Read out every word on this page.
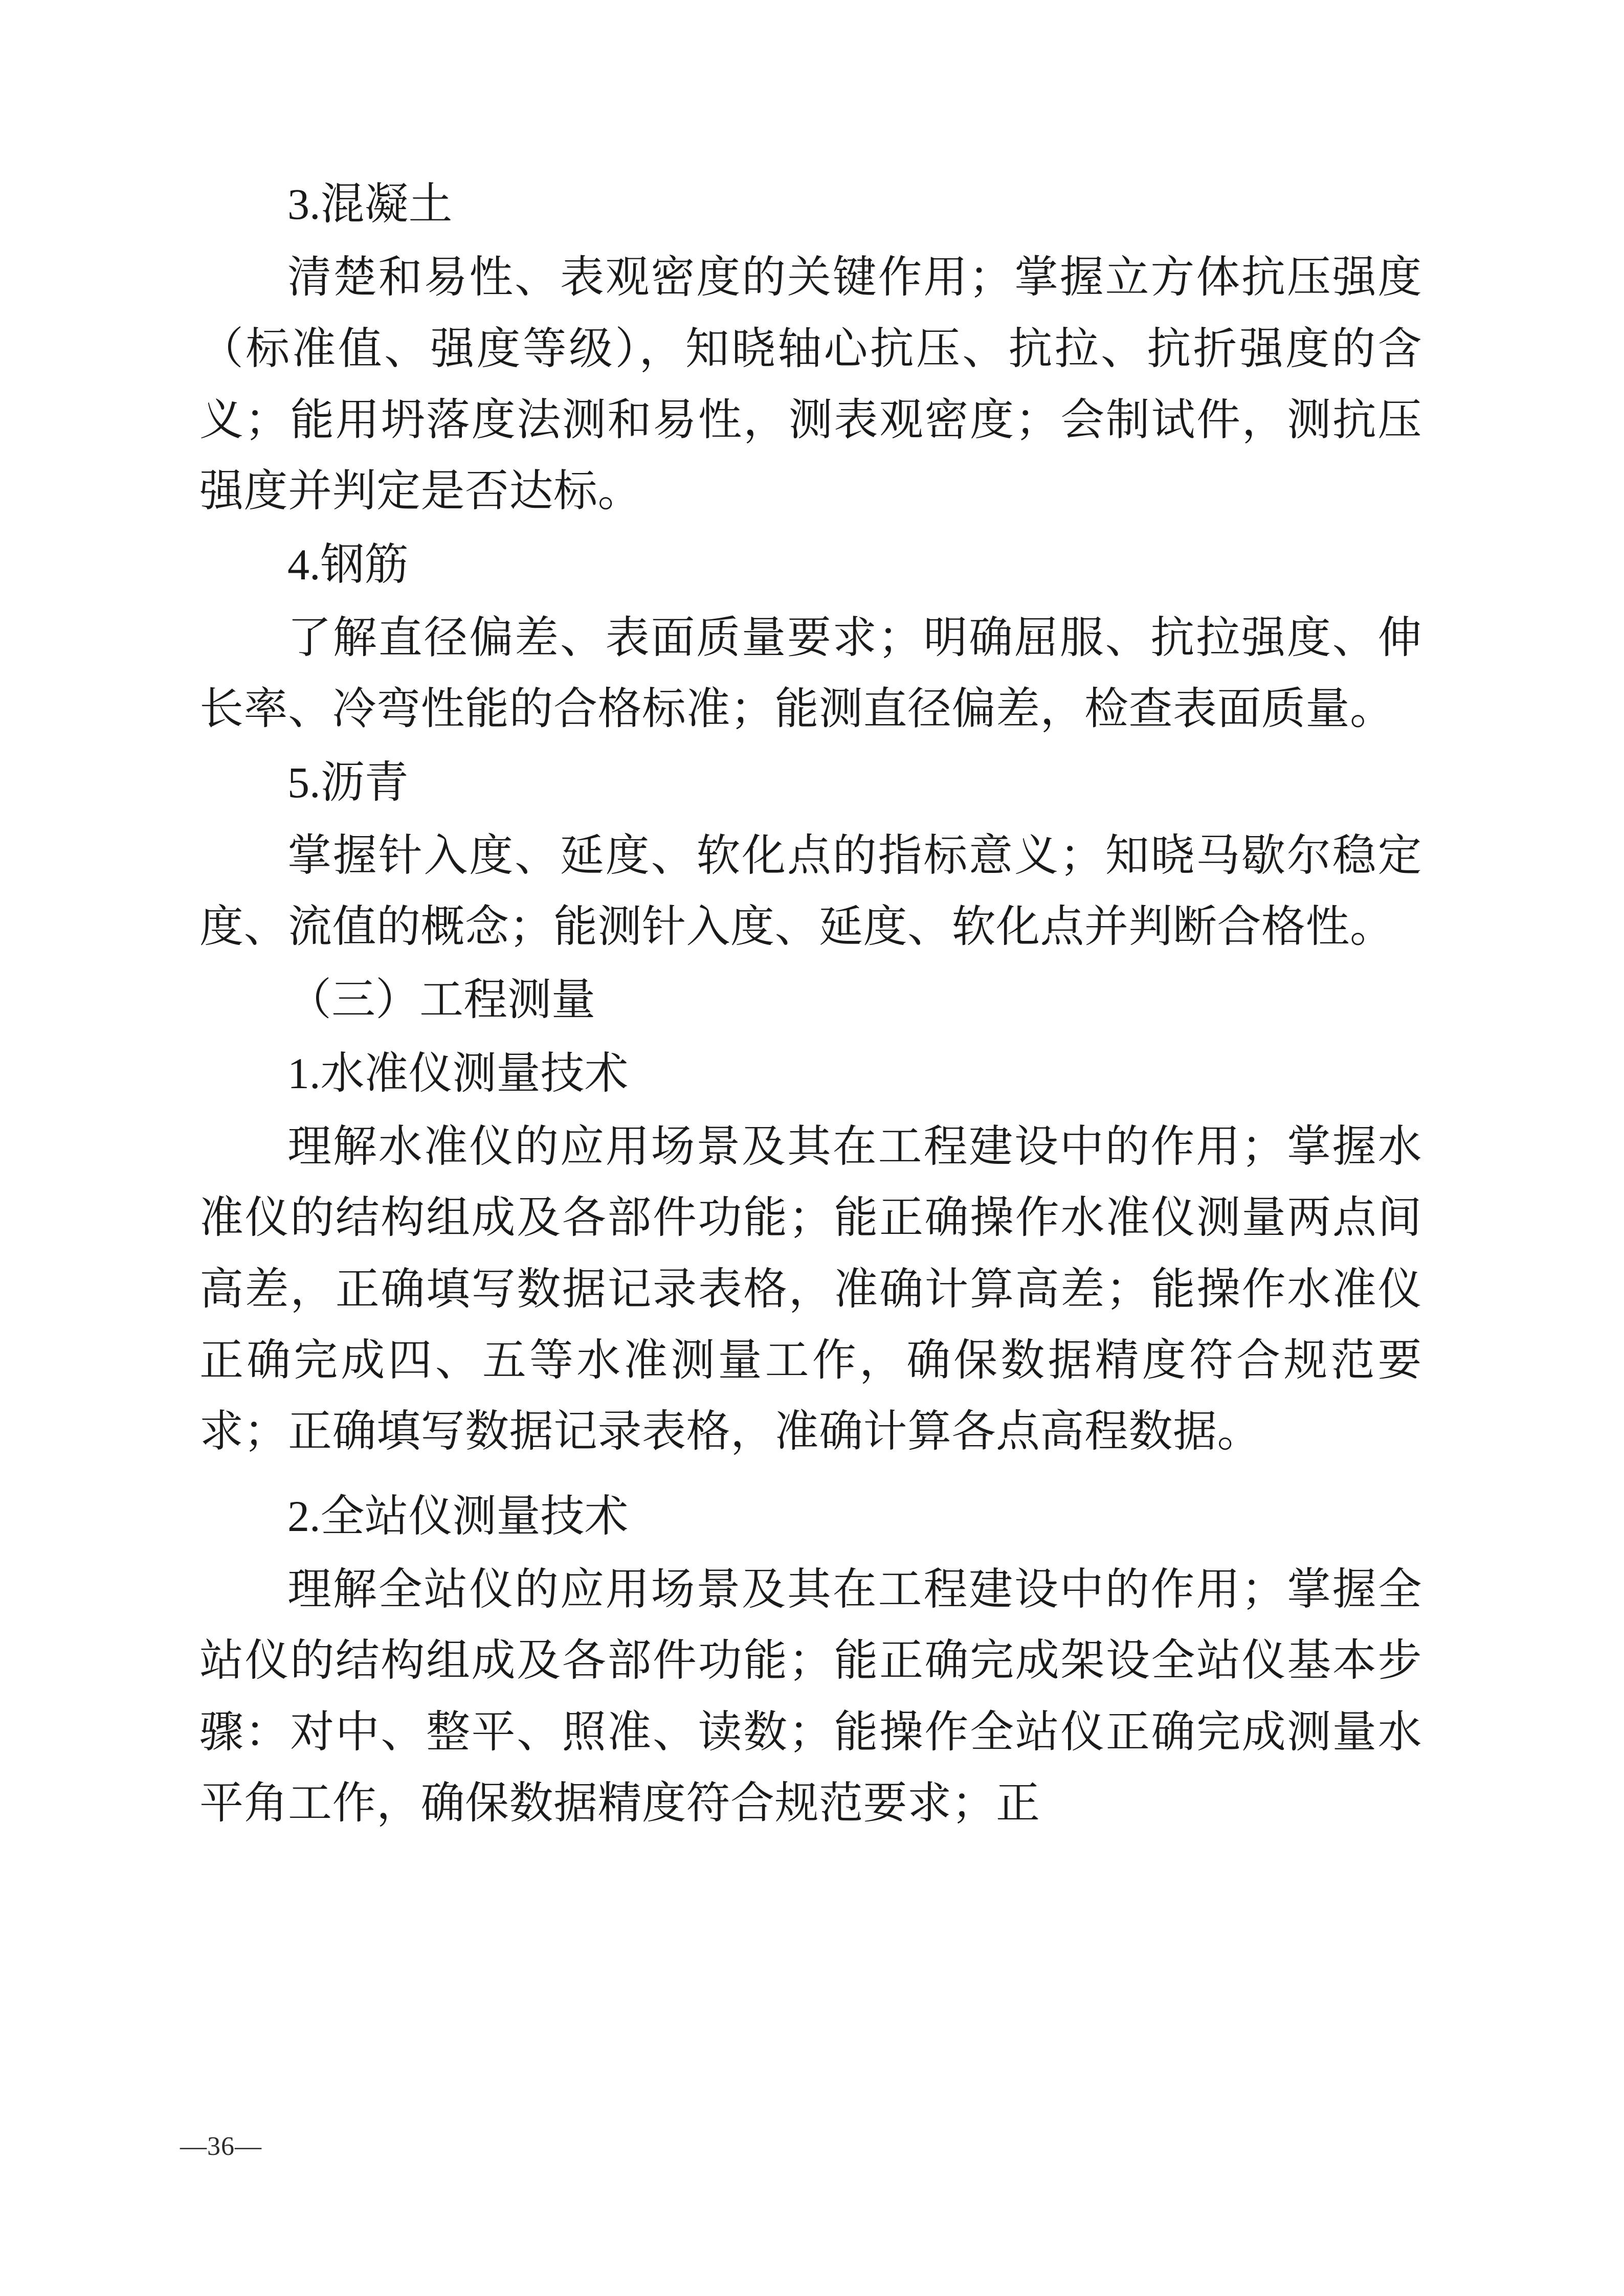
3.混凝土
清楚和易性、表观密度的关键作用；掌握立方体抗压强度（标准值、强度等级），知晓轴心抗压、抗拉、抗折强度的含义；能用坍落度法测和易性，测表观密度；会制试件，测抗压强度并判定是否达标。
4.钢筋
了解直径偏差、表面质量要求；明确屈服、抗拉强度、伸长率、冷弯性能的合格标准；能测直径偏差，检查表面质量。
5.沥青
掌握针入度、延度、软化点的指标意义；知晓马歇尔稳定度、流值的概念；能测针入度、延度、软化点并判断合格性。
（三）工程测量
1.水准仪测量技术
理解水准仪的应用场景及其在工程建设中的作用；掌握水准仪的结构组成及各部件功能；能正确操作水准仪测量两点间高差，正确填写数据记录表格，准确计算高差；能操作水准仪正确完成四、五等水准测量工作，确保数据精度符合规范要求；正确填写数据记录表格，准确计算各点高程数据。
2.全站仪测量技术
理解全站仪的应用场景及其在工程建设中的作用；掌握全站仪的结构组成及各部件功能；能正确完成架设全站仪基本步骤：对中、整平、照准、读数；能操作全站仪正确完成测量水平角工作，确保数据精度符合规范要求；正
—36—
